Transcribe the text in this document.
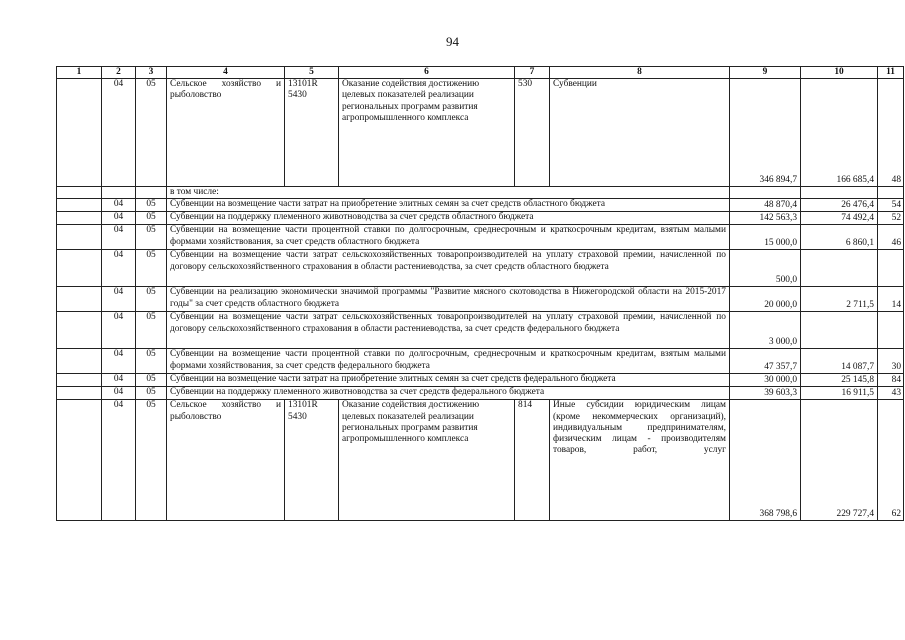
94
1	2	3	4	5	6	7	8	9	10	11
	04	05	Сельское хозяйство и рыболовство	13101R 5430	Оказание содействия достижению целевых показателей реализации региональных программ развития агропромышленного комплекса	530	Субвенции	346 894,7	166 685,4	48
			в том числе:							
	04	05	Субвенции на возмещение части затрат на приобретение элитных семян за счет средств областного бюджета					48 870,4	26 476,4	54
	04	05	Субвенции на поддержку племенного животноводства за счет средств областного бюджета					142 563,3	74 492,4	52
	04	05	Субвенции на возмещение части процентной ставки по долгосрочным, среднесрочным и краткосрочным кредитам, взятым малыми формами хозяйствования, за счет средств областного бюджета					15 000,0	6 860,1	46
	04	05	Субвенции на возмещение части затрат сельскохозяйственных товаропроизводителей на уплату страховой премии, начисленной по договору сельскохозяйственного страхования в области растениеводства, за счет средств областного бюджета					500,0		
	04	05	Субвенции на реализацию экономически значимой программы "Развитие мясного скотоводства в Нижегородской области на 2015-2017 годы" за счет средств областного бюджета					20 000,0	2 711,5	14
	04	05	Субвенции на возмещение части затрат сельскохозяйственных товаропроизводителей на уплату страховой премии, начисленной по договору сельскохозяйственного страхования в области растениеводства, за счет средств федерального бюджета					3 000,0		
	04	05	Субвенции на возмещение части процентной ставки по долгосрочным, среднесрочным и краткосрочным кредитам, взятым малыми формами хозяйствования, за счет средств федерального бюджета					47 357,7	14 087,7	30
	04	05	Субвенции на возмещение части затрат на приобретение элитных семян за счет средств федерального бюджета					30 000,0	25 145,8	84
	04	05	Субвенции на поддержку племенного животноводства за счет средств федерального бюджета					39 603,3	16 911,5	43
	04	05	Сельское хозяйство и рыболовство	13101R 5430	Оказание содействия достижению целевых показателей реализации региональных программ развития агропромышленного комплекса	814	Иные субсидии юридическим лицам (кроме некоммерческих организаций), индивидуальным предпринимателям, физическим лицам - производителям товаров, работ, услуг	368 798,6	229 727,4	62
